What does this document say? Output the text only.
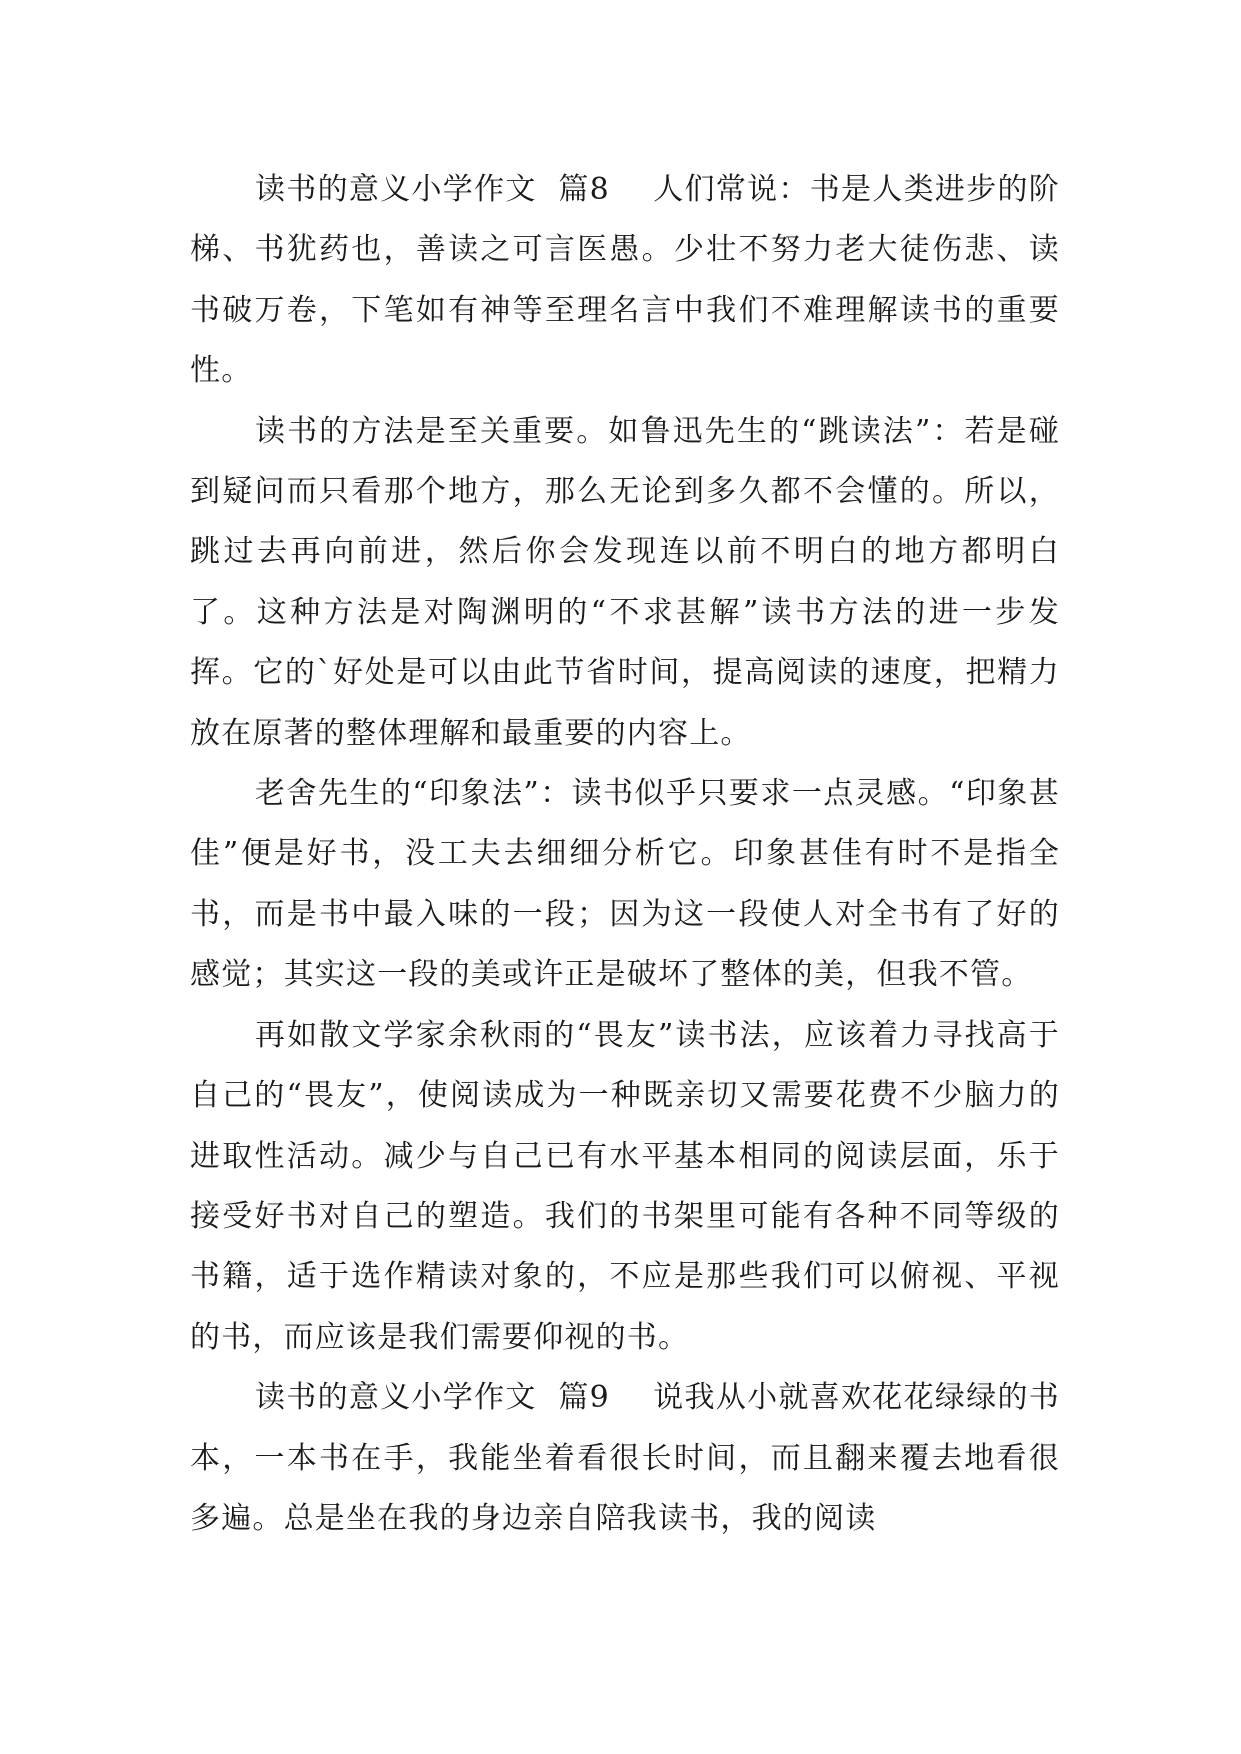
读书的意义小学作文  篇8 人们常说：书是人类进步的阶梯、书犹药也，善读之可言医愚。少壮不努力老大徒伤悲、读书破万卷，下笔如有神等至理名言中我们不难理解读书的重要性。

读书的方法是至关重要。如鲁迅先生的“跳读法”：若是碰到疑问而只看那个地方，那么无论到多久都不会懂的。所以，跳过去再向前进，然后你会发现连以前不明白的地方都明白了。这种方法是对陶渊明的“不求甚解”读书方法的进一步发挥。它的`好处是可以由此节省时间，提高阅读的速度，把精力放在原著的整体理解和最重要的内容上。

老舍先生的“印象法”：读书似乎只要求一点灵感。“印象甚佳”便是好书，没工夫去细细分析它。印象甚佳有时不是指全书，而是书中最入味的一段；因为这一段使人对全书有了好的感觉；其实这一段的美或许正是破坏了整体的美，但我不管。

再如散文学家余秋雨的“畏友”读书法，应该着力寻找高于自己的“畏友”，使阅读成为一种既亲切又需要花费不少脑力的进取性活动。减少与自己已有水平基本相同的阅读层面，乐于接受好书对自己的塑造。我们的书架里可能有各种不同等级的书籍，适于选作精读对象的，不应是那些我们可以俯视、平视的书，而应该是我们需要仰视的书。

读书的意义小学作文  篇9 说我从小就喜欢花花绿绿的书本，一本书在手，我能坐着看很长时间，而且翻来覆去地看很多遍。总是坐在我的身边亲自陪我读书，我的阅读
